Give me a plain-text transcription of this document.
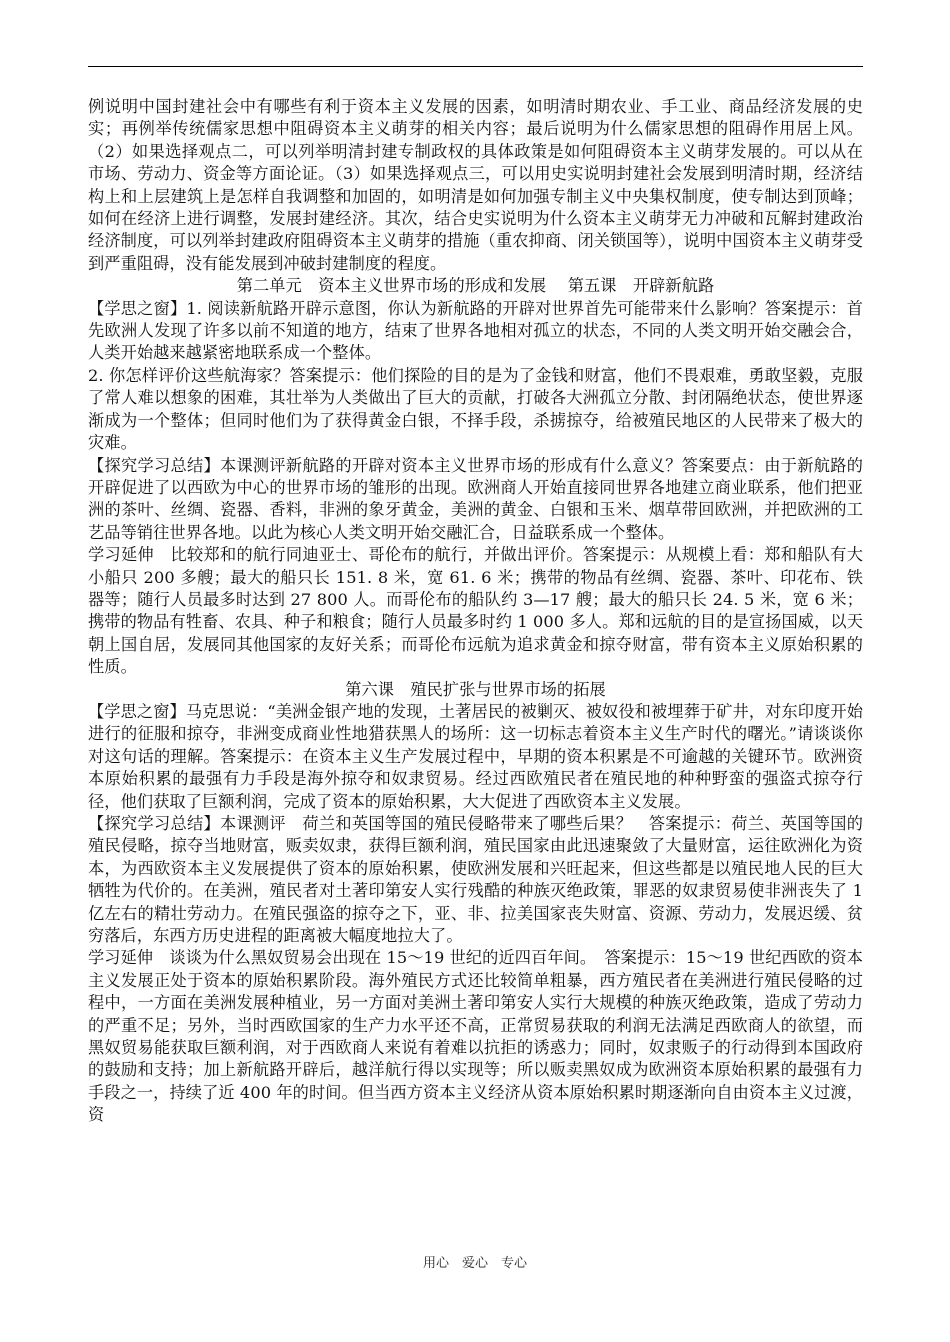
例说明中国封建社会中有哪些有利于资本主义发展的因素，如明清时期农业、手工业、商品经济发展的史实；再例举传统儒家思想中阻碍资本主义萌芽的相关内容；最后说明为什么儒家思想的阻碍作用居上风。（2）如果选择观点二，可以列举明清封建专制政权的具体政策是如何阻碍资本主义萌芽发展的。可以从在市场、劳动力、资金等方面论证。（3）如果选择观点三，可以用史实说明封建社会发展到明清时期，经济结构上和上层建筑上是怎样自我调整和加固的，如明清是如何加强专制主义中央集权制度，使专制达到顶峰；如何在经济上进行调整，发展封建经济。其次，结合史实说明为什么资本主义萌芽无力冲破和瓦解封建政治经济制度，可以列举封建政府阻碍资本主义萌芽的措施（重农抑商、闭关锁国等），说明中国资本主义萌芽受到严重阻碍，没有能发展到冲破封建制度的程度。

第二单元　资本主义世界市场的形成和发展　 第五课　开辟新航路

【学思之窗】1. 阅读新航路开辟示意图，你认为新航路的开辟对世界首先可能带来什么影响？答案提示：首先欧洲人发现了许多以前不知道的地方，结束了世界各地相对孤立的状态，不同的人类文明开始交融会合，人类开始越来越紧密地联系成一个整体。

2. 你怎样评价这些航海家？答案提示：他们探险的目的是为了金钱和财富，他们不畏艰难，勇敢坚毅，克服了常人难以想象的困难，其壮举为人类做出了巨大的贡献，打破各大洲孤立分散、封闭隔绝状态，使世界逐渐成为一个整体；但同时他们为了获得黄金白银，不择手段，杀掳掠夺，给被殖民地区的人民带来了极大的灾难。

【探究学习总结】本课测评新航路的开辟对资本主义世界市场的形成有什么意义？答案要点：由于新航路的开辟促进了以西欧为中心的世界市场的雏形的出现。欧洲商人开始直接同世界各地建立商业联系，他们把亚洲的茶叶、丝绸、瓷器、香料，非洲的象牙黄金，美洲的黄金、白银和玉米、烟草带回欧洲，并把欧洲的工艺品等销往世界各地。以此为核心人类文明开始交融汇合，日益联系成一个整体。

学习延伸　比较郑和的航行同迪亚士、哥伦布的航行，并做出评价。答案提示：从规模上看：郑和船队有大小船只 200 多艘；最大的船只长 151. 8 米，宽 61. 6 米；携带的物品有丝绸、瓷器、茶叶、印花布、铁器等；随行人员最多时达到 27 800 人。而哥伦布的船队约 3—17 艘；最大的船只长 24. 5 米，宽 6 米；携带的物品有牲畜、农具、种子和粮食；随行人员最多时约 1 000 多人。郑和远航的目的是宣扬国威，以天朝上国自居，发展同其他国家的友好关系；而哥伦布远航为追求黄金和掠夺财富，带有资本主义原始积累的性质。

第六课　殖民扩张与世界市场的拓展

【学思之窗】马克思说：“美洲金银产地的发现，土著居民的被剿灭、被奴役和被埋葬于矿井，对东印度开始进行的征服和掠夺，非洲变成商业性地猎获黑人的场所：这一切标志着资本主义生产时代的曙光。”请谈谈你对这句话的理解。答案提示：在资本主义生产发展过程中，早期的资本积累是不可逾越的关键环节。欧洲资本原始积累的最强有力手段是海外掠夺和奴隶贸易。经过西欧殖民者在殖民地的种种野蛮的强盗式掠夺行径，他们获取了巨额利润，完成了资本的原始积累，大大促进了西欧资本主义发展。

【探究学习总结】本课测评　荷兰和英国等国的殖民侵略带来了哪些后果？　答案提示：荷兰、英国等国的殖民侵略，掠夺当地财富，贩卖奴隶，获得巨额利润，殖民国家由此迅速聚敛了大量财富，运往欧洲化为资本，为西欧资本主义发展提供了资本的原始积累，使欧洲发展和兴旺起来，但这些都是以殖民地人民的巨大牺牲为代价的。在美洲，殖民者对土著印第安人实行残酷的种族灭绝政策，罪恶的奴隶贸易使非洲丧失了 1 亿左右的精壮劳动力。在殖民强盗的掠夺之下，亚、非、拉美国家丧失财富、资源、劳动力，发展迟缓、贫穷落后，东西方历史进程的距离被大幅度地拉大了。

学习延伸　谈谈为什么黑奴贸易会出现在 15～19 世纪的近四百年间。　答案提示：15～19 世纪西欧的资本主义发展正处于资本的原始积累阶段。海外殖民方式还比较简单粗暴，西方殖民者在美洲进行殖民侵略的过程中，一方面在美洲发展种植业，另一方面对美洲土著印第安人实行大规模的种族灭绝政策，造成了劳动力的严重不足；另外，当时西欧国家的生产力水平还不高，正常贸易获取的利润无法满足西欧商人的欲望，而黑奴贸易能获取巨额利润，对于西欧商人来说有着难以抗拒的诱惑力；同时，奴隶贩子的行动得到本国政府的鼓励和支持；加上新航路开辟后，越洋航行得以实现等；所以贩卖黑奴成为欧洲资本原始积累的最强有力手段之一，持续了近 400 年的时间。但当西方资本主义经济从资本原始积累时期逐渐向自由资本主义过渡，资

用心　爱心　专心
